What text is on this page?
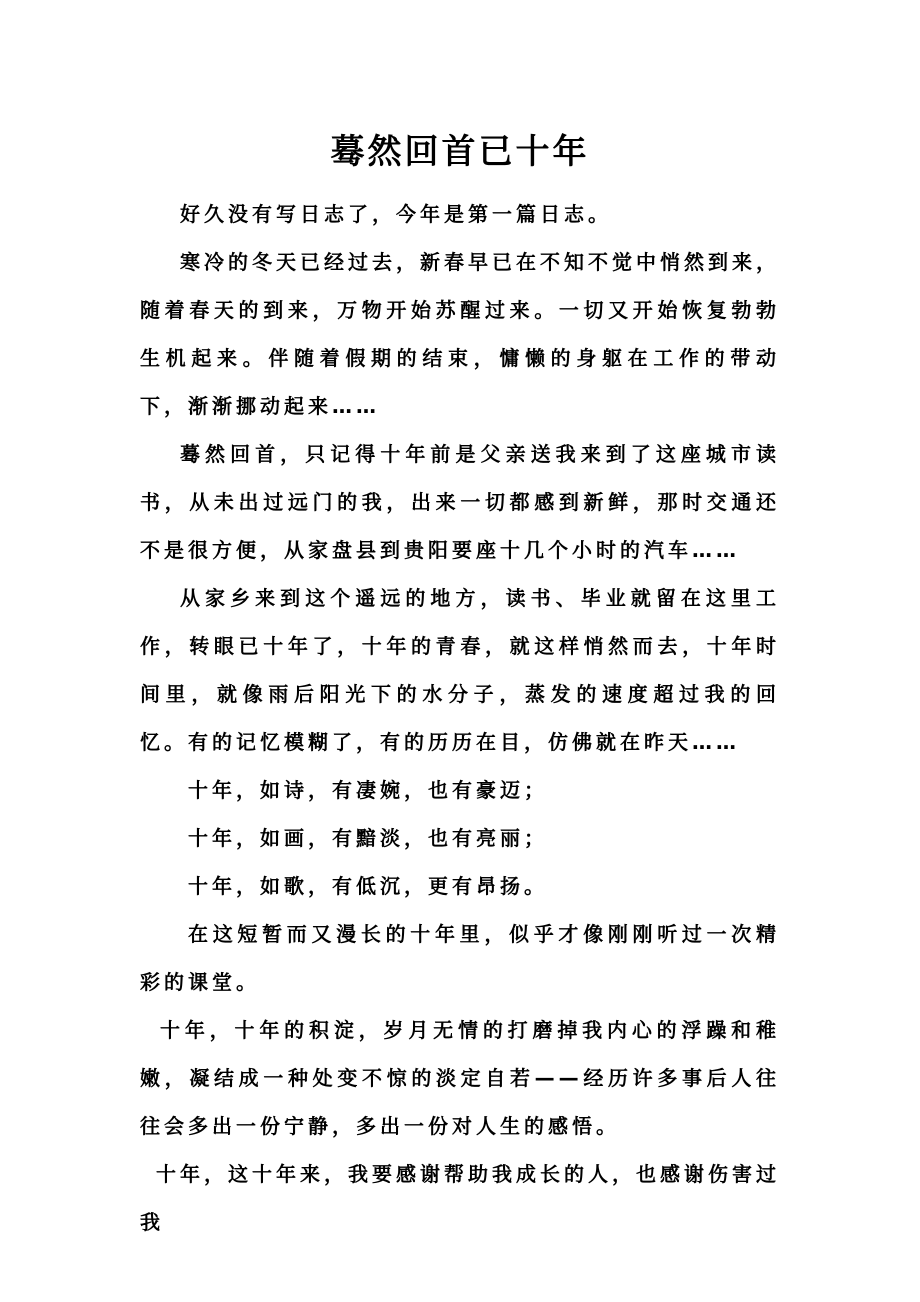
蓦然回首已十年

好久没有写日志了，今年是第一篇日志。

寒冷的冬天已经过去，新春早已在不知不觉中悄然到来，随着春天的到来，万物开始苏醒过来。一切又开始恢复勃勃生机起来。伴随着假期的结束，慵懒的身躯在工作的带动下，渐渐挪动起来……

蓦然回首，只记得十年前是父亲送我来到了这座城市读书，从未出过远门的我，出来一切都感到新鲜，那时交通还不是很方便，从家盘县到贵阳要座十几个小时的汽车……

从家乡来到这个遥远的地方，读书、毕业就留在这里工作，转眼已十年了，十年的青春，就这样悄然而去，十年时间里，就像雨后阳光下的水分子，蒸发的速度超过我的回忆。有的记忆模糊了，有的历历在目，仿佛就在昨天……

十年，如诗，有凄婉，也有豪迈；

十年，如画，有黯淡，也有亮丽；

十年，如歌，有低沉，更有昂扬。

在这短暂而又漫长的十年里，似乎才像刚刚听过一次精彩的课堂。

十年，十年的积淀，岁月无情的打磨掉我内心的浮躁和稚嫩，凝结成一种处变不惊的淡定自若——经历许多事后人往往会多出一份宁静，多出一份对人生的感悟。

十年，这十年来，我要感谢帮助我成长的人，也感谢伤害过我
